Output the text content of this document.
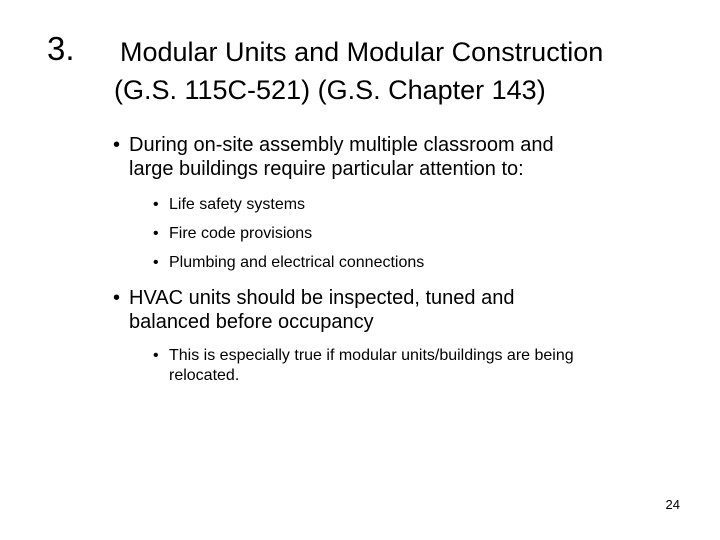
3. Modular Units and Modular Construction
(G.S. 115C-521) (G.S. Chapter 143)
• During on-site assembly multiple classroom and
large buildings require particular attention to:
• Life safety systems
• Fire code provisions
• Plumbing and electrical connections
• HVAC units should be inspected, tuned and
balanced before occupancy
• This is especially true if modular units/buildings are being
relocated.
24
